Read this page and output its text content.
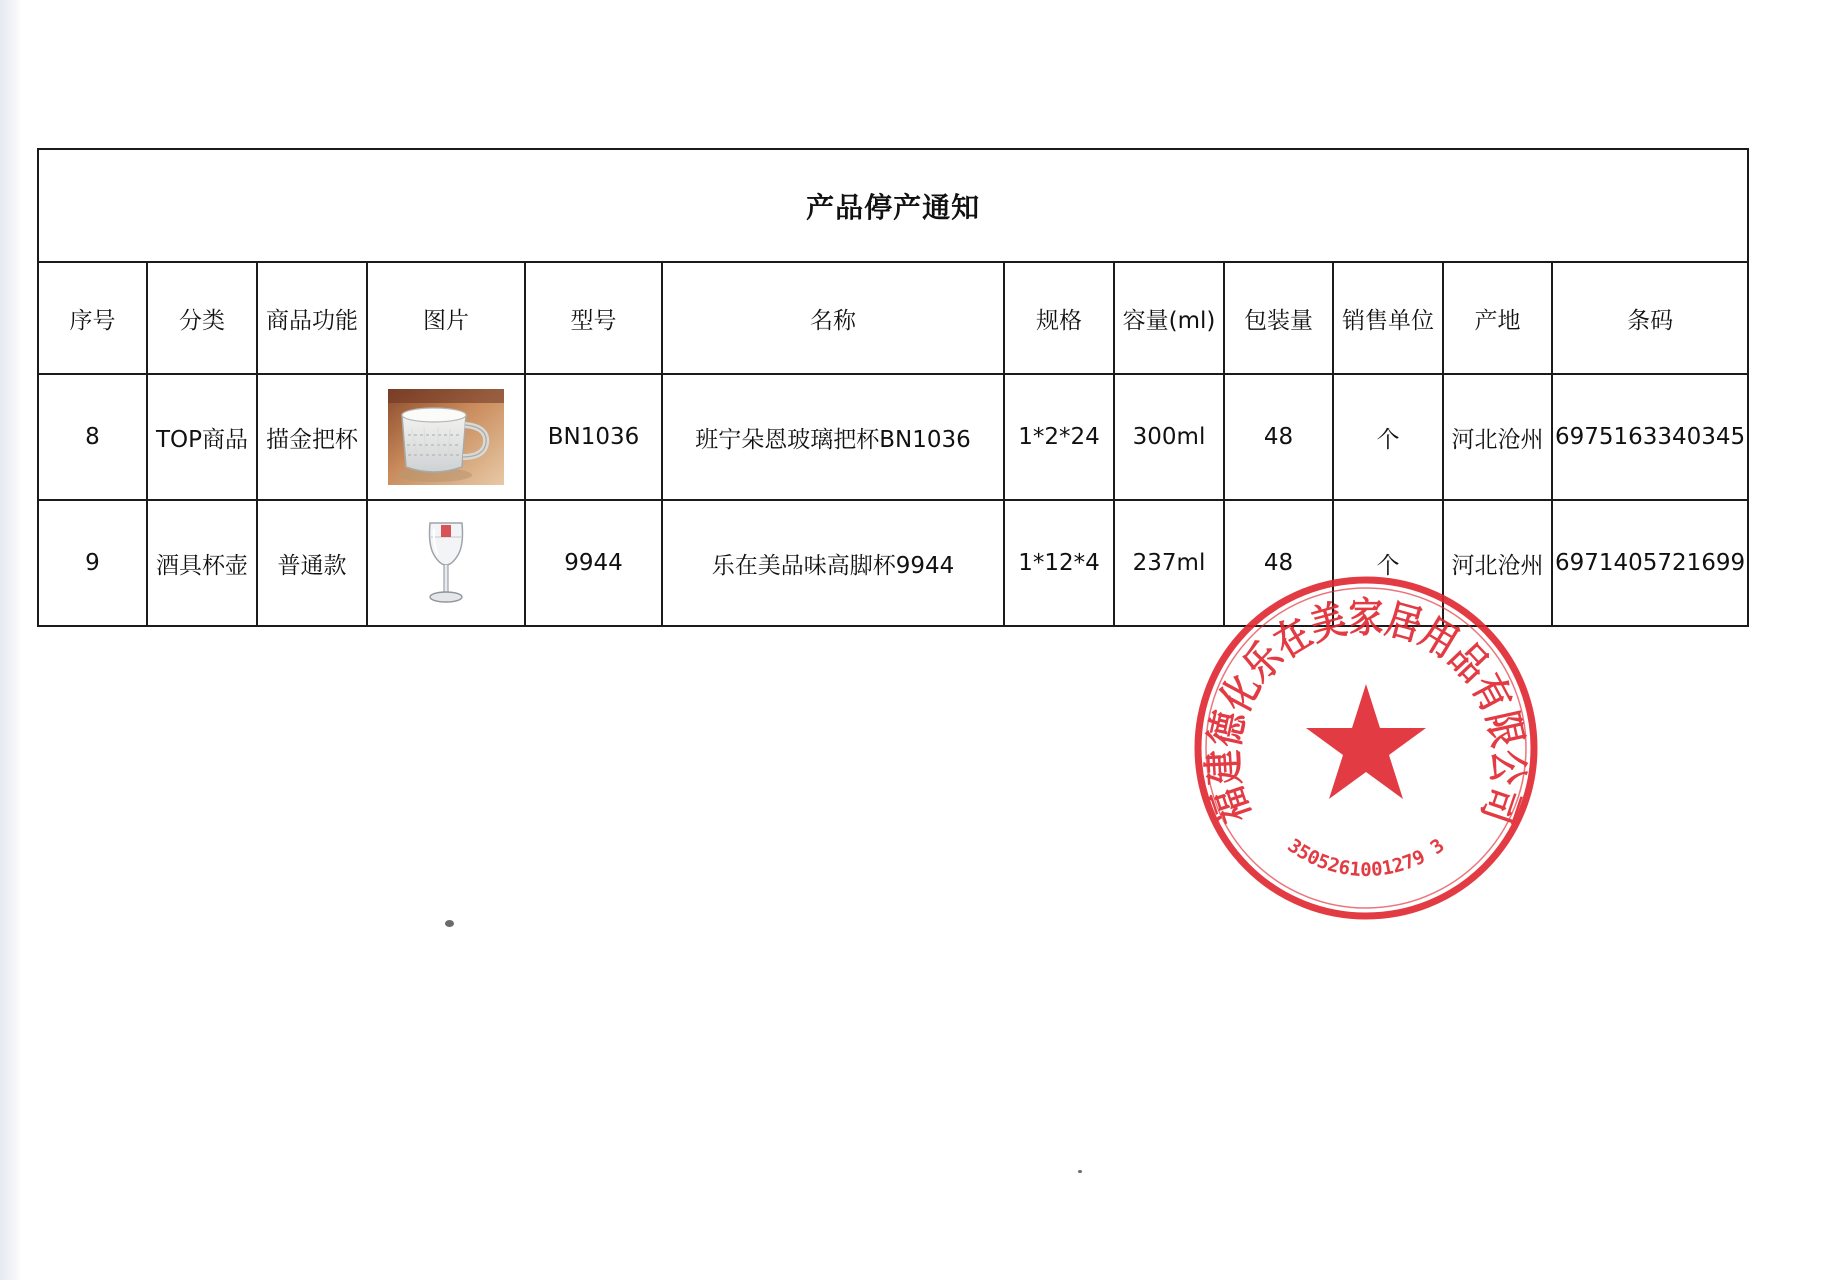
产品停产通知											
序号	分类	商品功能	图片	型号	名称	规格	容量(ml)	包装量	销售单位	产地	条码
8	TOP商品	描金把杯		BN1036	班宁朵恩玻璃把杯BN1036	1*2*24	300ml	48	个	河北沧州	6975163340345
9	酒具杯壶	普通款		9944	乐在美品味高脚杯9944	1*12*4	237ml	48	个	河北沧州	6971405721699
福建德化乐在美家居用品有限公司
3505261001279 3
